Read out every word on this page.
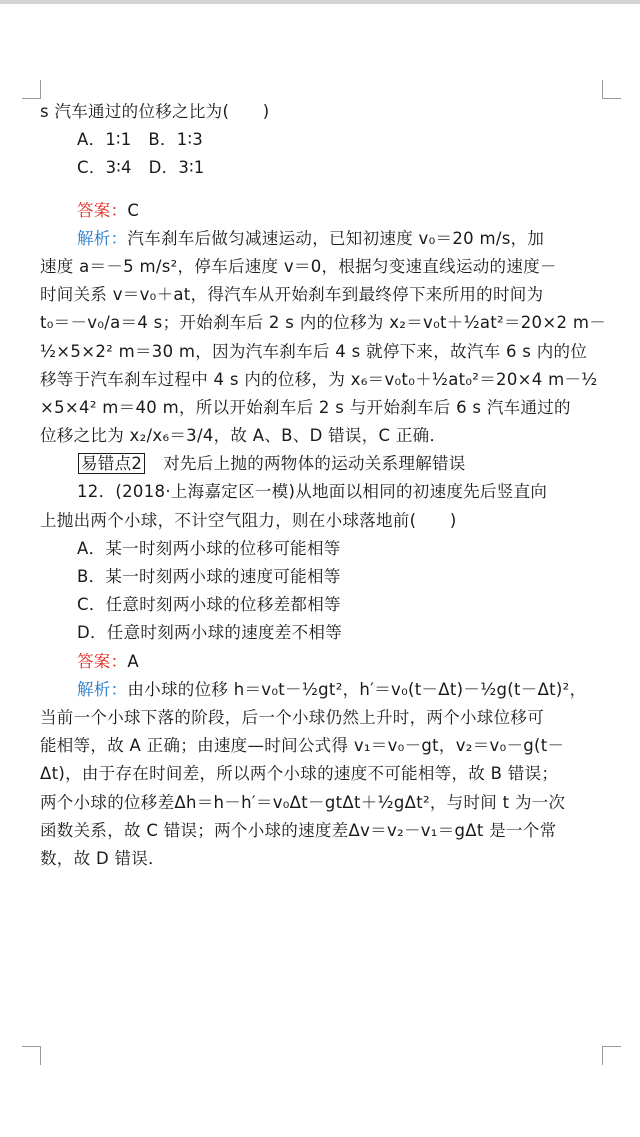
s 汽车通过的位移之比为(　　)
A．1∶1　B．1∶3
C．3∶4　D．3∶1
答案：C
解析：汽车刹车后做匀减速运动，已知初速度 v₀＝20 m/s，加
速度 a＝－5 m/s²，停车后速度 v＝0，根据匀变速直线运动的速度－
时间关系 v＝v₀＋at，得汽车从开始刹车到最终停下来所用的时间为
t₀＝－v₀/a＝4 s；开始刹车后 2 s 内的位移为 x₂＝v₀t＋½at²＝20×2 m－
½×5×2² m＝30 m，因为汽车刹车后 4 s 就停下来，故汽车 6 s 内的位
移等于汽车刹车过程中 4 s 内的位移，为 x₆＝v₀t₀＋½at₀²＝20×4 m－½
×5×4² m＝40 m，所以开始刹车后 2 s 与开始刹车后 6 s 汽车通过的
位移之比为 x₂/x₆＝3/4，故 A、B、D 错误，C 正确．
易错点2 对先后上抛的两物体的运动关系理解错误
12．(2018·上海嘉定区一模)从地面以相同的初速度先后竖直向
上抛出两个小球，不计空气阻力，则在小球落地前(　　)
A．某一时刻两小球的位移可能相等
B．某一时刻两小球的速度可能相等
C．任意时刻两小球的位移差都相等
D．任意时刻两小球的速度差不相等
答案：A
解析：由小球的位移 h＝v₀t－½gt²，h′＝v₀(t－Δt)－½g(t－Δt)²，
当前一个小球下落的阶段，后一个小球仍然上升时，两个小球位移可
能相等，故 A 正确；由速度—时间公式得 v₁＝v₀－gt，v₂＝v₀－g(t－
Δt)，由于存在时间差，所以两个小球的速度不可能相等，故 B 错误；
两个小球的位移差Δh＝h－h′＝v₀Δt－gtΔt＋½gΔt²，与时间 t 为一次
函数关系，故 C 错误；两个小球的速度差Δv＝v₂－v₁＝gΔt 是一个常
数，故 D 错误．
